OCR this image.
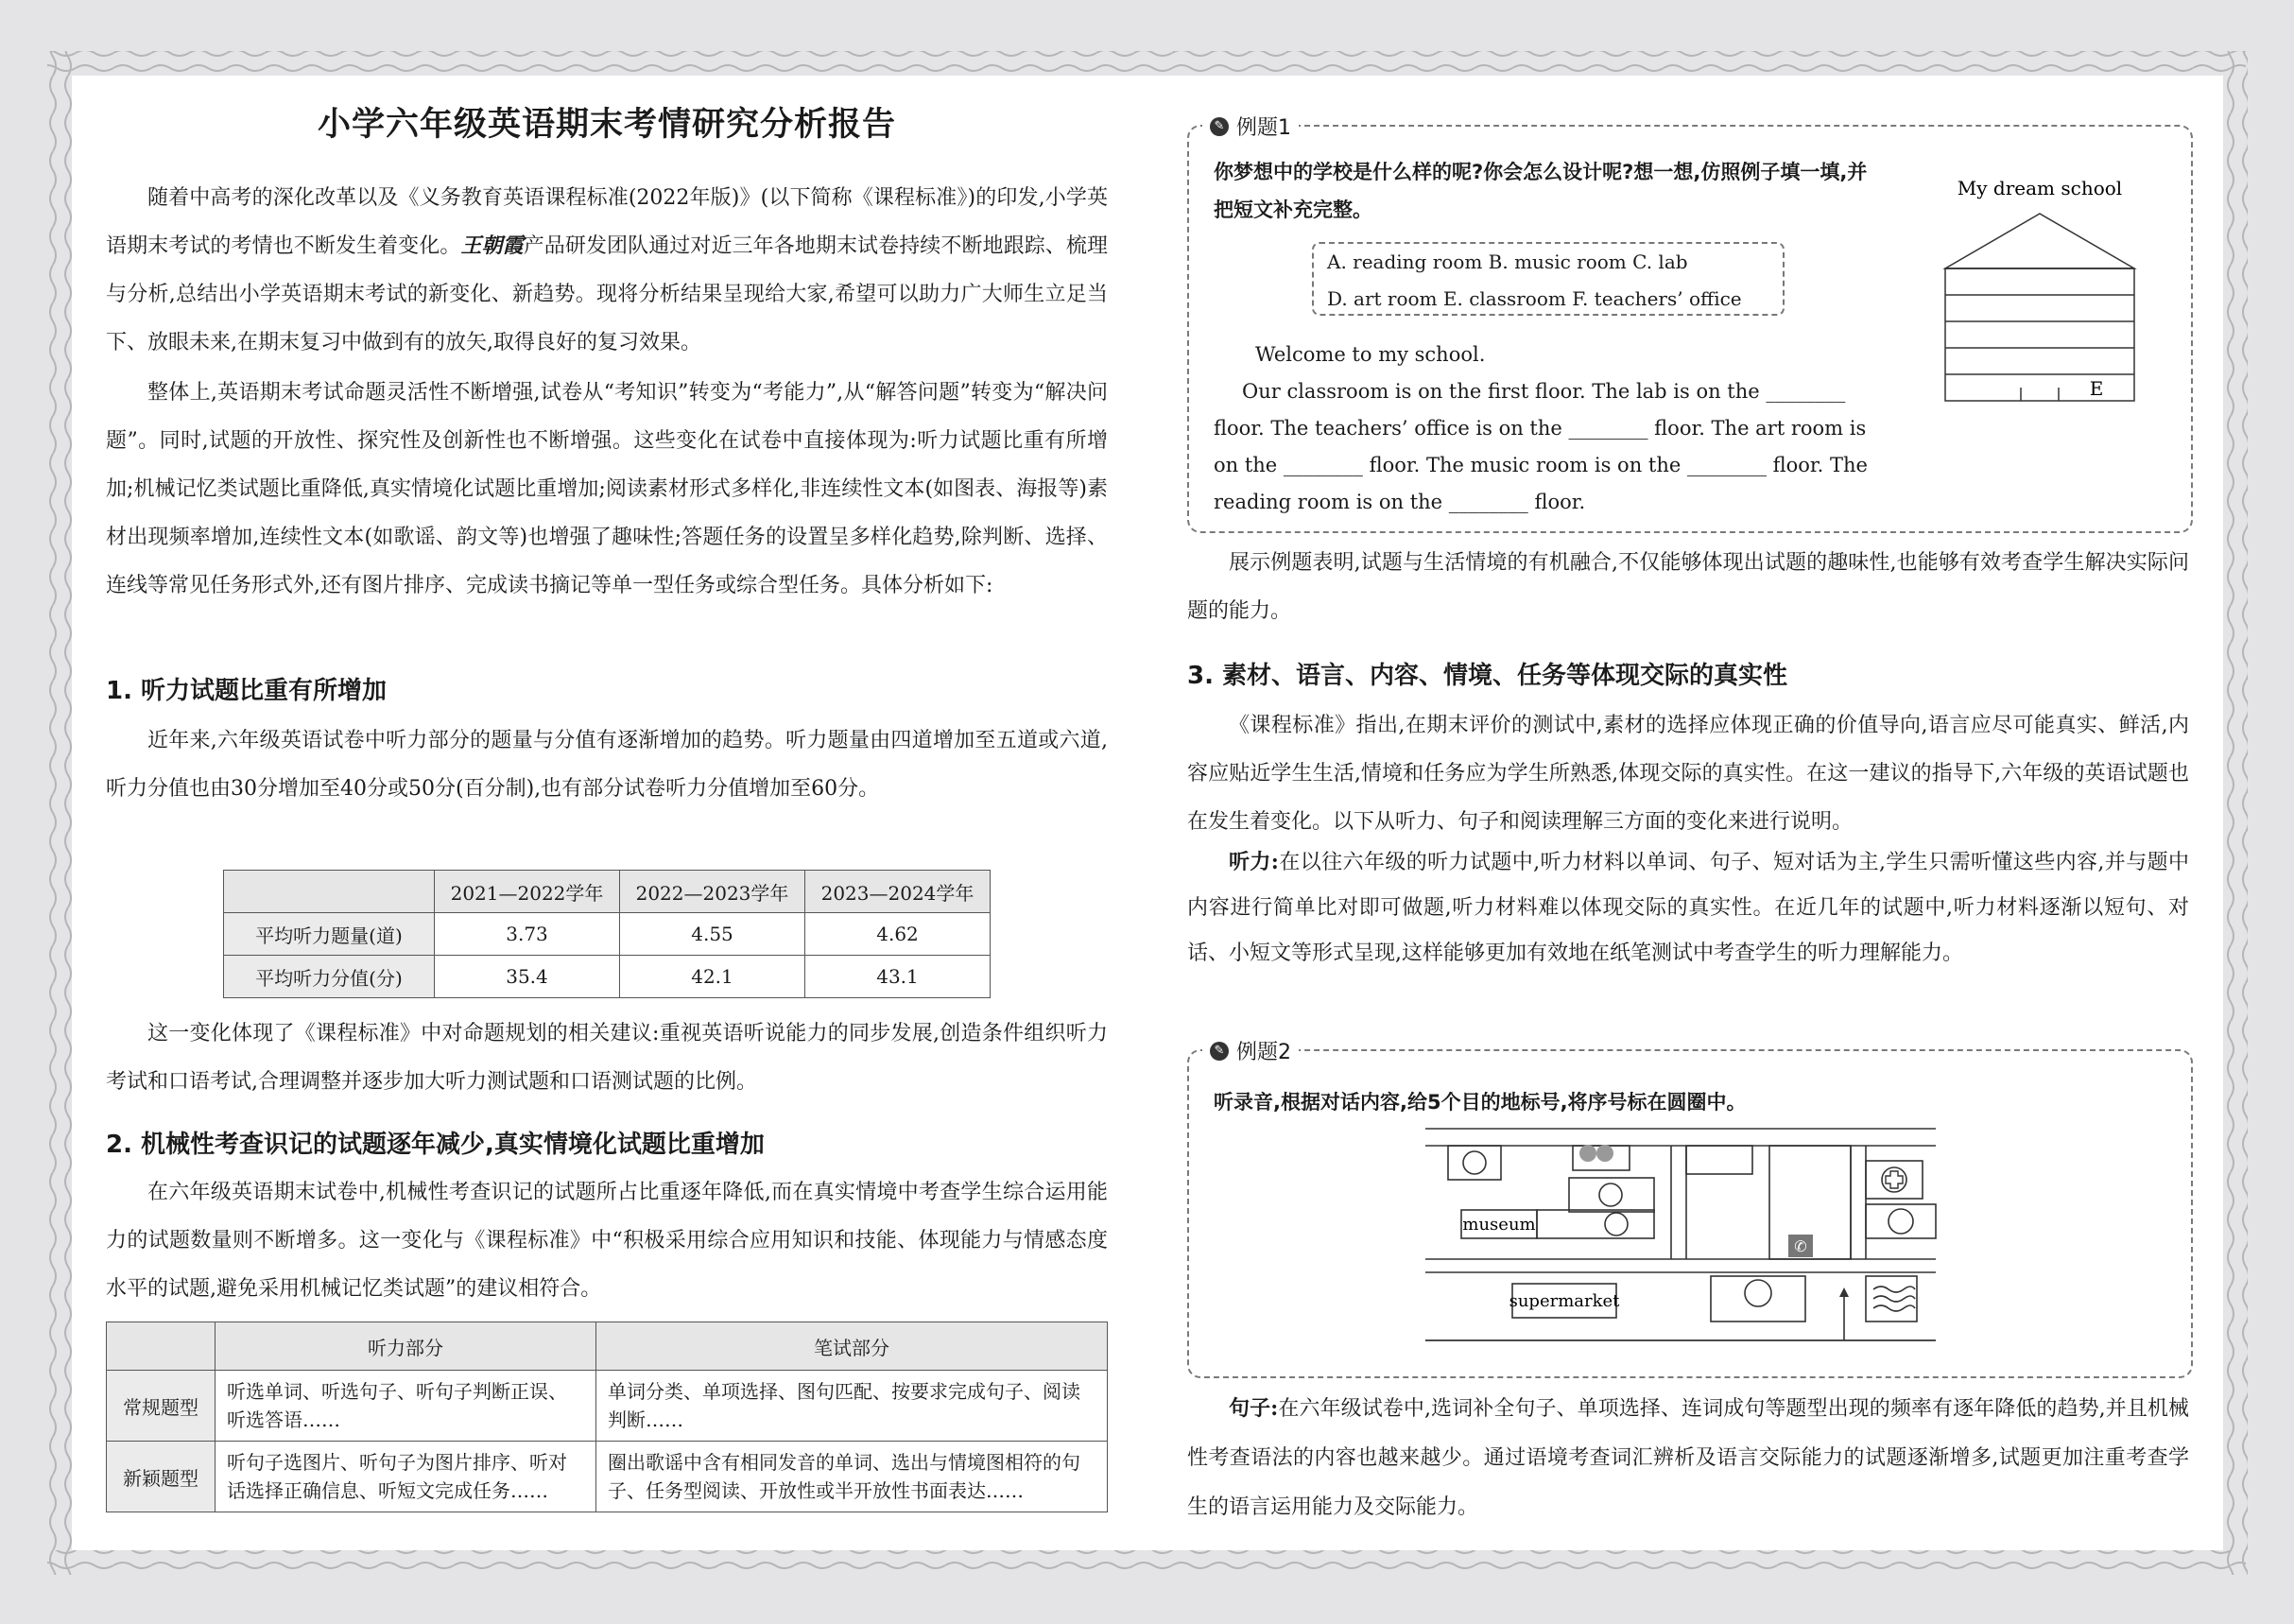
小学六年级英语期末考情研究分析报告

随着中高考的深化改革以及《义务教育英语课程标准(2022年版)》(以下简称《课程标准》)的印发,小学英语期末考试的考情也不断发生着变化。王朝霞产品研发团队通过对近三年各地期末试卷持续不断地跟踪、梳理与分析,总结出小学英语期末考试的新变化、新趋势。现将分析结果呈现给大家,希望可以助力广大师生立足当下、放眼未来,在期末复习中做到有的放矢,取得良好的复习效果。

整体上,英语期末考试命题灵活性不断增强,试卷从“考知识”转变为“考能力”,从“解答问题”转变为“解决问题”。同时,试题的开放性、探究性及创新性也不断增强。这些变化在试卷中直接体现为:听力试题比重有所增加;机械记忆类试题比重降低,真实情境化试题比重增加;阅读素材形式多样化,非连续性文本(如图表、海报等)素材出现频率增加,连续性文本(如歌谣、韵文等)也增强了趣味性;答题任务的设置呈多样化趋势,除判断、选择、连线等常见任务形式外,还有图片排序、完成读书摘记等单一型任务或综合型任务。具体分析如下:

1. 听力试题比重有所增加

近年来,六年级英语试卷中听力部分的题量与分值有逐渐增加的趋势。听力题量由四道增加至五道或六道,听力分值也由30分增加至40分或50分(百分制),也有部分试卷听力分值增加至60分。

	2021—2022学年	2022—2023学年	2023—2024学年
平均听力题量(道)	3.73	4.55	4.62
平均听力分值(分)	35.4	42.1	43.1

这一变化体现了《课程标准》中对命题规划的相关建议:重视英语听说能力的同步发展,创造条件组织听力考试和口语考试,合理调整并逐步加大听力测试题和口语测试题的比例。

2. 机械性考查识记的试题逐年减少,真实情境化试题比重增加

在六年级英语期末试卷中,机械性考查识记的试题所占比重逐年降低,而在真实情境中考查学生综合运用能力的试题数量则不断增多。这一变化与《课程标准》中“积极采用综合应用知识和技能、体现能力与情感态度水平的试题,避免采用机械记忆类试题”的建议相符合。

	听力部分	笔试部分
常规题型	听选单词、听选句子、听句子判断正误、听选答语……	单词分类、单项选择、图句匹配、按要求完成句子、阅读判断……
新颖题型	听句子选图片、听句子为图片排序、听对话选择正确信息、听短文完成任务……	圈出歌谣中含有相同发音的单词、选出与情境图相符的句子、任务型阅读、开放性或半开放性书面表达……
✎ 例题1
你梦想中的学校是什么样的呢?你会怎么设计呢?想一想,仿照例子填一填,并把短文补充完整。
A. reading room B. music room C. lab
D. art room E. classroom F. teachers’ office
Welcome to my school.
Our classroom is on the first floor. The lab is on the ________
floor. The teachers’ office is on the ________ floor. The art room is
on the ________ floor. The music room is on the ________ floor. The
reading room is on the ________ floor.
My dream school
E

展示例题表明,试题与生活情境的有机融合,不仅能够体现出试题的趣味性,也能够有效考查学生解决实际问题的能力。

3. 素材、语言、内容、情境、任务等体现交际的真实性

《课程标准》指出,在期末评价的测试中,素材的选择应体现正确的价值导向,语言应尽可能真实、鲜活,内容应贴近学生生活,情境和任务应为学生所熟悉,体现交际的真实性。在这一建议的指导下,六年级的英语试题也在发生着变化。以下从听力、句子和阅读理解三方面的变化来进行说明。

听力:在以往六年级的听力试题中,听力材料以单词、句子、短对话为主,学生只需听懂这些内容,并与题中内容进行简单比对即可做题,听力材料难以体现交际的真实性。在近几年的试题中,听力材料逐渐以短句、对话、小短文等形式呈现,这样能够更加有效地在纸笔测试中考查学生的听力理解能力。

✎ 例题2
听录音,根据对话内容,给5个目的地标号,将序号标在圆圈中。
✆
museum
supermarket

句子:在六年级试卷中,选词补全句子、单项选择、连词成句等题型出现的频率有逐年降低的趋势,并且机械性考查语法的内容也越来越少。通过语境考查词汇辨析及语言交际能力的试题逐渐增多,试题更加注重考查学生的语言运用能力及交际能力。
